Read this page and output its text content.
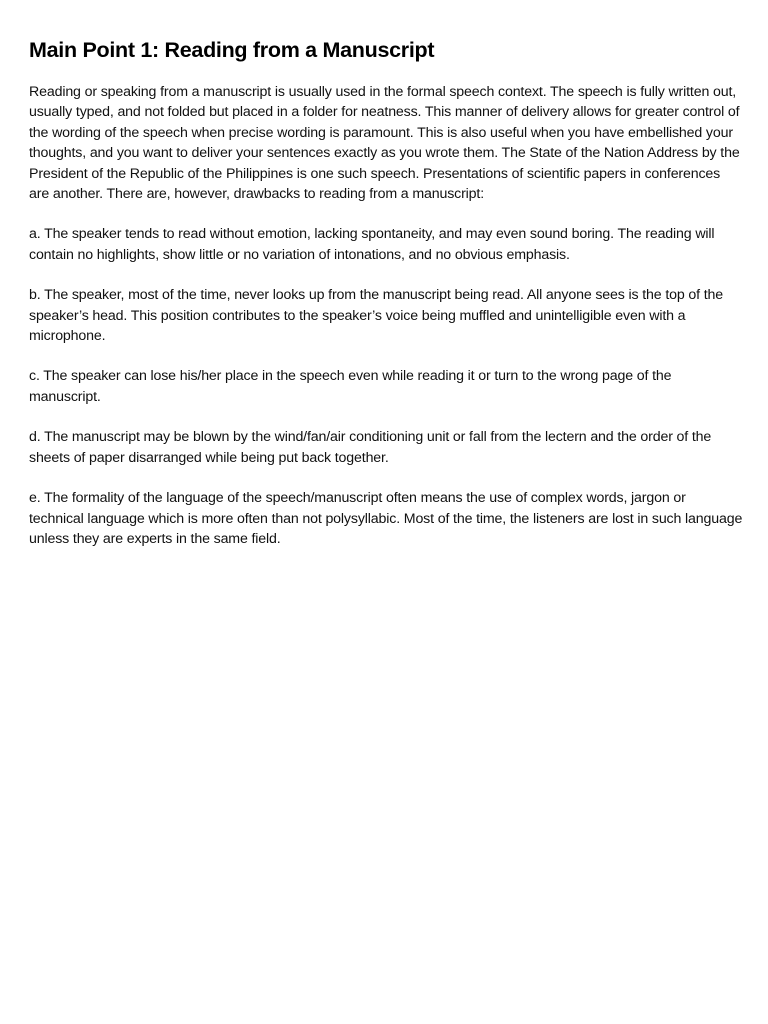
Main Point 1: Reading from a Manuscript

Reading or speaking from a manuscript is usually used in the formal speech context. The speech is fully written out, usually typed, and not folded but placed in a folder for neatness. This manner of delivery allows for greater control of the wording of the speech when precise wording is paramount. This is also useful when you have embellished your thoughts, and you want to deliver your sentences exactly as you wrote them. The State of the Nation Address by the President of the Republic of the Philippines is one such speech. Presentations of scientific papers in conferences are another. There are, however, drawbacks to reading from a manuscript:

a. The speaker tends to read without emotion, lacking spontaneity, and may even sound boring. The reading will contain no highlights, show little or no variation of intonations, and no obvious emphasis.

b. The speaker, most of the time, never looks up from the manuscript being read. All anyone sees is the top of the speaker’s head. This position contributes to the speaker’s voice being muffled and unintelligible even with a microphone.

c. The speaker can lose his/her place in the speech even while reading it or turn to the wrong page of the manuscript.

d. The manuscript may be blown by the wind/fan/air conditioning unit or fall from the lectern and the order of the sheets of paper disarranged while being put back together.

e. The formality of the language of the speech/manuscript often means the use of complex words, jargon or technical language which is more often than not polysyllabic. Most of the time, the listeners are lost in such language unless they are experts in the same field.
